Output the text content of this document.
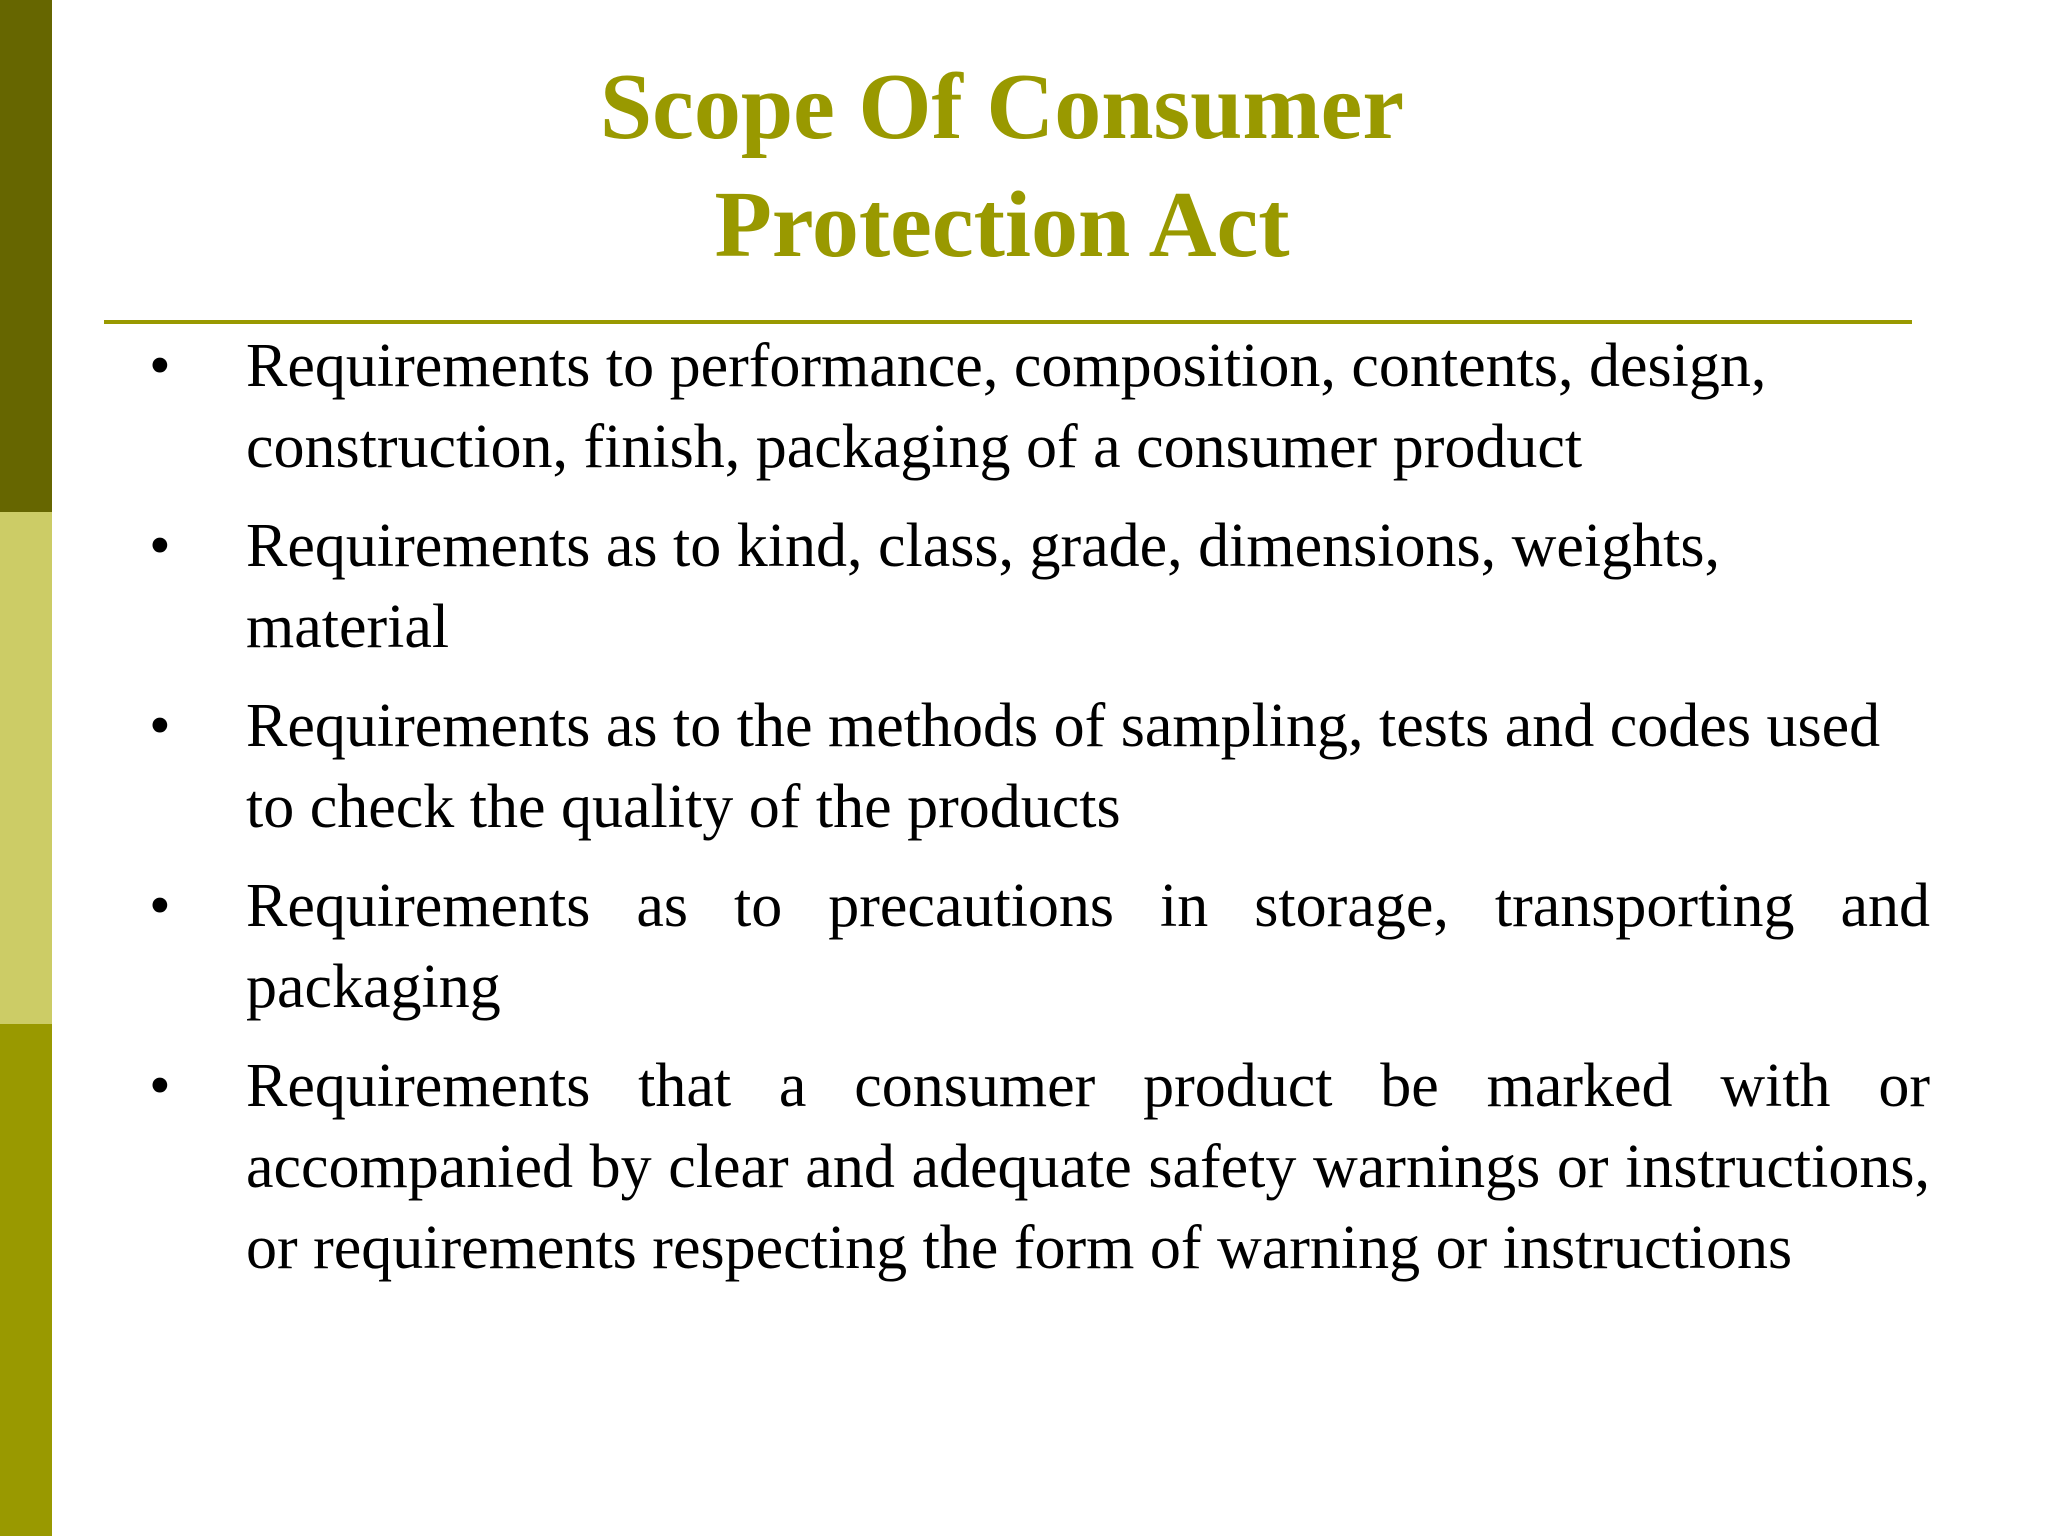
Scope Of Consumer
Protection Act
• Requirements to performance, composition, contents, design, construction, finish, packaging of a consumer product
• Requirements as to kind, class, grade, dimensions, weights, material
• Requirements as to the methods of sampling, tests and codes used to check the quality of the products
• Requirements as to precautions in storage, transporting and packaging
• Requirements that a consumer product be marked with or accompanied by clear and adequate safety warnings or instructions, or requirements respecting the form of warning or instructions
